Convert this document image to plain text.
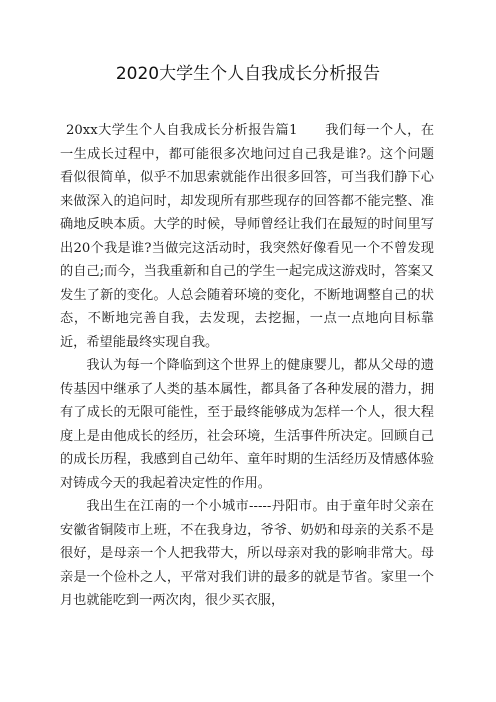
2020大学生个人自我成长分析报告

20xx大学生个人自我成长分析报告篇1　　我们每一个人，在一生成长过程中，都可能很多次地问过自己我是谁?。这个问题看似很简单，似乎不加思索就能作出很多回答，可当我们静下心来做深入的追问时，却发现所有那些现存的回答都不能完整、准确地反映本质。大学的时候，导师曾经让我们在最短的时间里写出20个我是谁?当做完这活动时，我突然好像看见一个不曾发现的自己;而今，当我重新和自己的学生一起完成这游戏时，答案又发生了新的变化。人总会随着环境的变化，不断地调整自己的状态，不断地完善自我，去发现，去挖掘，一点一点地向目标靠近，希望能最终实现自我。

我认为每一个降临到这个世界上的健康婴儿，都从父母的遗传基因中继承了人类的基本属性，都具备了各种发展的潜力，拥有了成长的无限可能性，至于最终能够成为怎样一个人，很大程度上是由他成长的经历，社会环境，生活事件所决定。回顾自己的成长历程，我感到自己幼年、童年时期的生活经历及情感体验对铸成今天的我起着决定性的作用。

我出生在江南的一个小城市-----丹阳市。由于童年时父亲在安徽省铜陵市上班，不在我身边，爷爷、奶奶和母亲的关系不是很好，是母亲一个人把我带大，所以母亲对我的影响非常大。母亲是一个俭朴之人，平常对我们讲的最多的就是节省。家里一个月也就能吃到一两次肉，很少买衣服，
